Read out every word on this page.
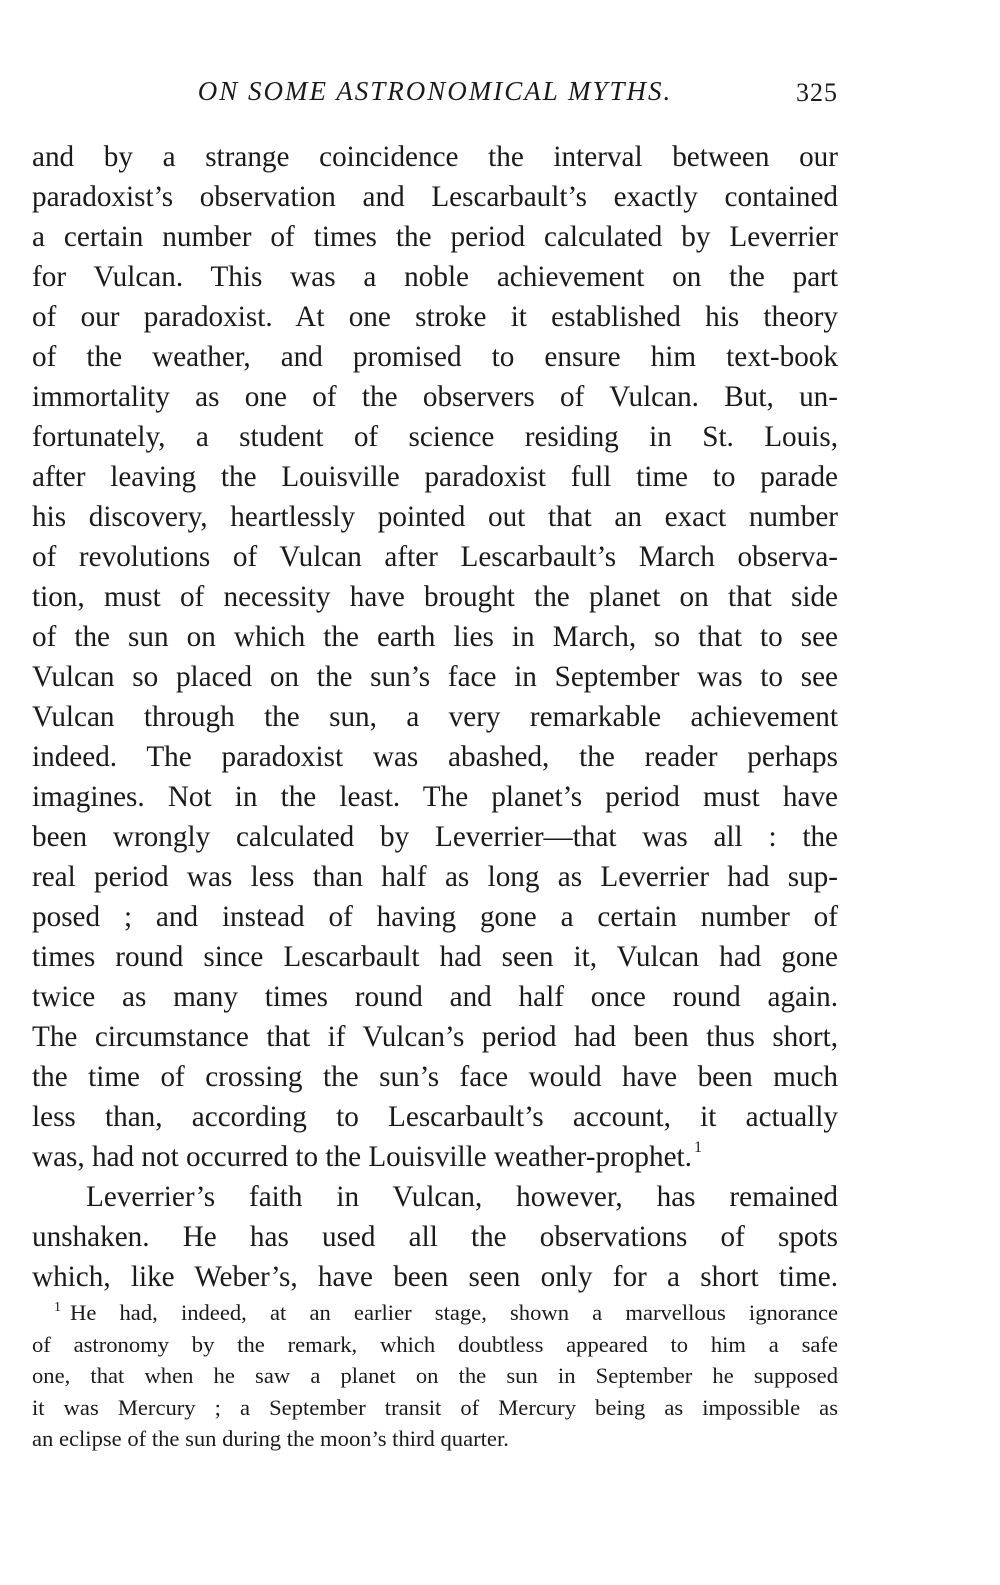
ON SOME ASTRONOMICAL MYTHS.	325
and by a strange coincidence the interval between our
paradoxist’s observation and Lescarbault’s exactly contained
a certain number of times the period calculated by Leverrier
for Vulcan. This was a noble achievement on the part
of our paradoxist. At one stroke it established his theory
of the weather, and promised to ensure him text-book
immortality as one of the observers of Vulcan. But, un-
fortunately, a student of science residing in St. Louis,
after leaving the Louisville paradoxist full time to parade
his discovery, heartlessly pointed out that an exact number
of revolutions of Vulcan after Lescarbault’s March observa-
tion, must of necessity have brought the planet on that side
of the sun on which the earth lies in March, so that to see
Vulcan so placed on the sun’s face in September was to see
Vulcan through the sun, a very remarkable achievement
indeed. The paradoxist was abashed, the reader perhaps
imagines. Not in the least. The planet’s period must have
been wrongly calculated by Leverrier—that was all : the
real period was less than half as long as Leverrier had sup-
posed ; and instead of having gone a certain number of
times round since Lescarbault had seen it, Vulcan had gone
twice as many times round and half once round again.
The circumstance that if Vulcan’s period had been thus short,
the time of crossing the sun’s face would have been much
less than, according to Lescarbault’s account, it actually
was, had not occurred to the Louisville weather-prophet. $^1$
Leverrier’s faith in Vulcan, however, has remained
unshaken. He has used all the observations of spots
which, like Weber’s, have been seen only for a short time.
$^1$ He had, indeed, at an earlier stage, shown a marvellous ignorance
of astronomy by the remark, which doubtless appeared to him a safe
one, that when he saw a planet on the sun in September he supposed
it was Mercury ; a September transit of Mercury being as impossible as
an eclipse of the sun during the moon’s third quarter.
